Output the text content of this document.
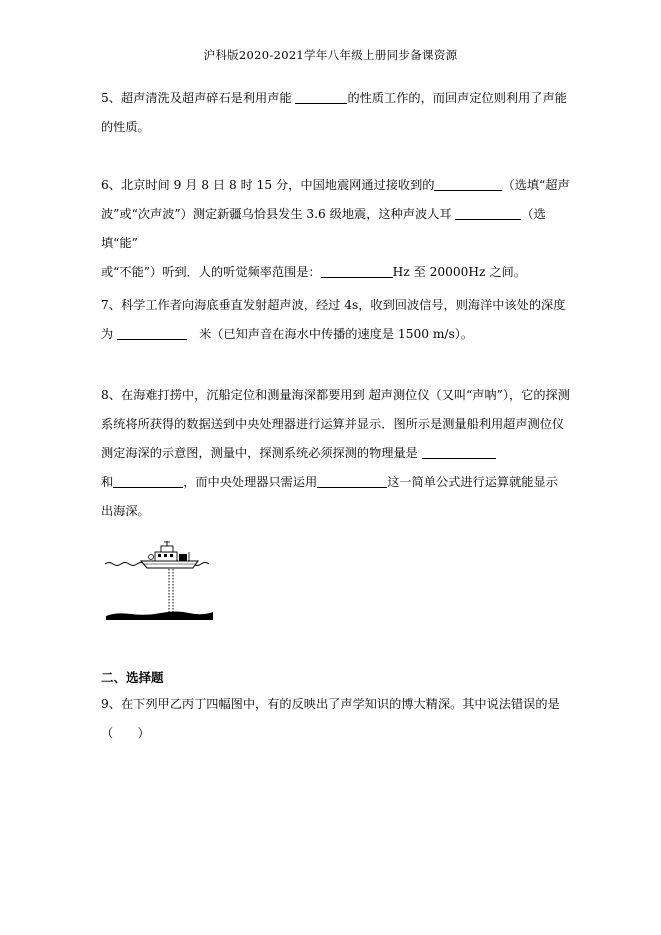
沪科版2020-2021学年八年级上册同步备课资源
5、超声清洗及超声碎石是利用声能	的性质工作的，而回声定位则利用了声能
的性质。
6、北京时间 9 月 8 日 8 时 15 分，中国地震网通过接收到的	（选填“超声
波”或“次声波”）测定新疆乌恰县发生 3.6 级地震，这种声波人耳	（选填“能”
或“不能”）听到．人的听觉频率范围是：	Hz 至 20000Hz 之间。
7、科学工作者向海底垂直发射超声波，经过 4s，收到回波信号，则海洋中该处的深度
为	米（已知声音在海水中传播的速度是 1500 m/s）。
8、在海难打捞中，沉船定位和测量海深都要用到 超声测位仪（又叫“声呐”），它的探测
系统将所获得的数据送到中央处理器进行运算并显示．图所示是测量船利用超声测位仪
测定海深的示意图，测量中，探测系统必须探测的物理量是
和	，而中央处理器只需运用	这一简单公式进行运算就能显示
出海深。
二、选择题
9、在下列甲乙丙丁四幅图中，有的反映出了声学知识的博大精深。其中说法错误的是
（　　）
